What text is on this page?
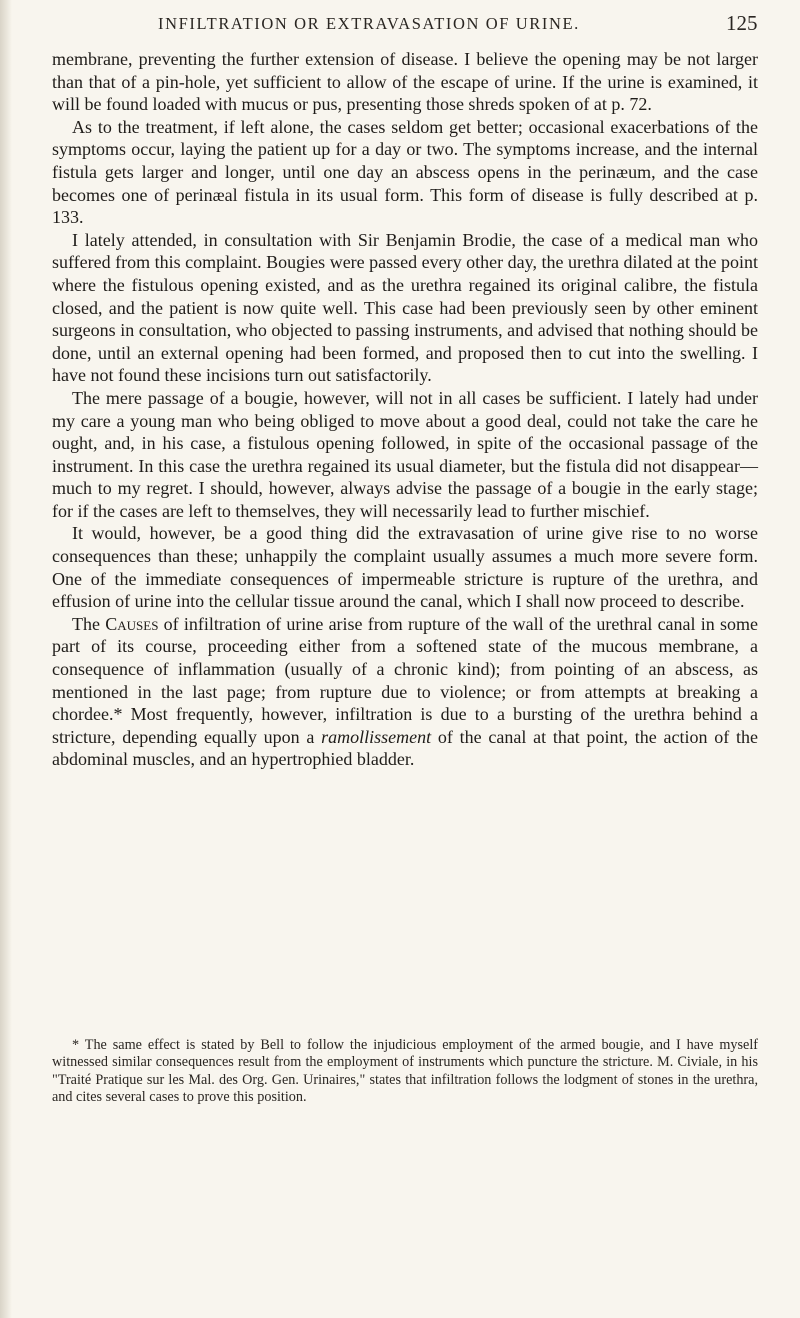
INFILTRATION OR EXTRAVASATION OF URINE.	125

membrane, preventing the further extension of disease. I believe the opening may be not larger than that of a pin-hole, yet sufficient to allow of the escape of urine. If the urine is examined, it will be found loaded with mucus or pus, presenting those shreds spoken of at p. 72.

As to the treatment, if left alone, the cases seldom get better; occasional exacerbations of the symptoms occur, laying the patient up for a day or two. The symptoms increase, and the internal fistula gets larger and longer, until one day an abscess opens in the perinæum, and the case becomes one of perinæal fistula in its usual form. This form of disease is fully described at p. 133.

I lately attended, in consultation with Sir Benjamin Brodie, the case of a medical man who suffered from this complaint. Bougies were passed every other day, the urethra dilated at the point where the fistulous opening existed, and as the urethra regained its original calibre, the fistula closed, and the patient is now quite well. This case had been previously seen by other eminent surgeons in consultation, who objected to passing instruments, and advised that nothing should be done, until an external opening had been formed, and proposed then to cut into the swelling. I have not found these incisions turn out satisfactorily.

The mere passage of a bougie, however, will not in all cases be sufficient. I lately had under my care a young man who being obliged to move about a good deal, could not take the care he ought, and, in his case, a fistulous opening followed, in spite of the occasional passage of the instrument. In this case the urethra regained its usual diameter, but the fistula did not disappear—much to my regret. I should, however, always advise the passage of a bougie in the early stage; for if the cases are left to themselves, they will necessarily lead to further mischief.

It would, however, be a good thing did the extravasation of urine give rise to no worse consequences than these; unhappily the complaint usually assumes a much more severe form. One of the immediate consequences of impermeable stricture is rupture of the urethra, and effusion of urine into the cellular tissue around the canal, which I shall now proceed to describe.

The Causes of infiltration of urine arise from rupture of the wall of the urethral canal in some part of its course, proceeding either from a softened state of the mucous membrane, a consequence of inflammation (usually of a chronic kind); from pointing of an abscess, as mentioned in the last page; from rupture due to violence; or from attempts at breaking a chordee.* Most frequently, however, infiltration is due to a bursting of the urethra behind a stricture, depending equally upon a ramollissement of the canal at that point, the action of the abdominal muscles, and an hypertrophied bladder.

* The same effect is stated by Bell to follow the injudicious employment of the armed bougie, and I have myself witnessed similar consequences result from the employment of instruments which puncture the stricture. M. Civiale, in his "Traité Pratique sur les Mal. des Org. Gen. Urinaires," states that infiltration follows the lodgment of stones in the urethra, and cites several cases to prove this position.
